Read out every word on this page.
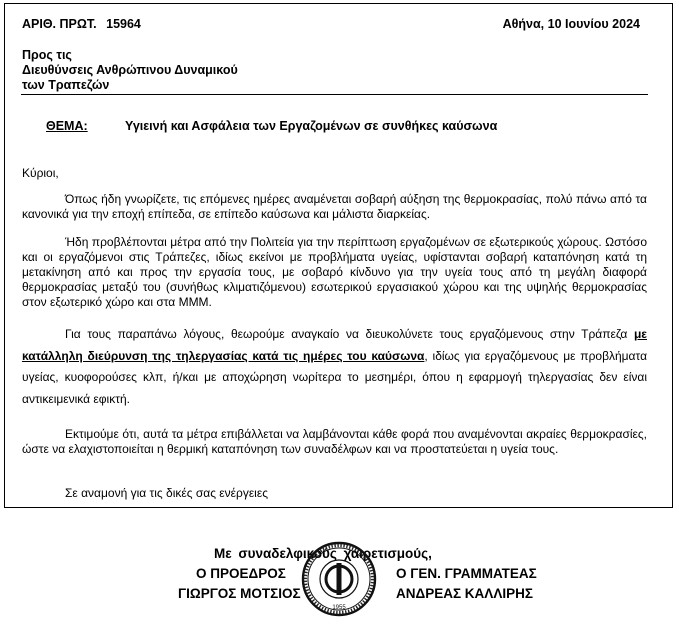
ΑΡΙΘ. ΠΡΩΤ. 15964	Αθήνα, 10 Ιουνίου 2024
Προς τις
Διευθύνσεις Ανθρώπινου Δυναμικού
των Τραπεζών
ΘΕΜΑ:	Υγιεινή και Ασφάλεια των Εργαζομένων σε συνθήκες καύσωνα
Κύριοι,

Όπως ήδη γνωρίζετε, τις επόμενες ημέρες αναμένεται σοβαρή αύξηση της θερμοκρασίας, πολύ πάνω από τα κανονικά για την εποχή επίπεδα, σε επίπεδο καύσωνα και μάλιστα διαρκείας.

Ήδη προβλέπονται μέτρα από την Πολιτεία για την περίπτωση εργαζομένων σε εξωτερικούς χώρους. Ωστόσο και οι εργαζόμενοι στις Τράπεζες, ιδίως εκείνοι με προβλήματα υγείας, υφίστανται σοβαρή καταπόνηση κατά τη μετακίνηση από και προς την εργασία τους, με σοβαρό κίνδυνο για την υγεία τους από τη μεγάλη διαφορά θερμοκρασίας μεταξύ του (συνήθως κλιματιζόμενου) εσωτερικού εργασιακού χώρου και της υψηλής θερμοκρασίας στον εξωτερικό χώρο και στα ΜΜΜ.

Για τους παραπάνω λόγους, θεωρούμε αναγκαίο να διευκολύνετε τους εργαζόμενους στην Τράπεζα με κατάλληλη διεύρυνση της τηλεργασίας κατά τις ημέρες του καύσωνα, ιδίως για εργαζόμενους με προβλήματα υγείας, κυοφορούσες κλπ, ή/και με αποχώρηση νωρίτερα το μεσημέρι, όπου η εφαρμογή τηλεργασίας δεν είναι αντικειμενικά εφικτή.

Εκτιμούμε ότι, αυτά τα μέτρα επιβάλλεται να λαμβάνονται κάθε φορά που αναμένονται ακραίες θερμοκρασίες, ώστε να ελαχιστοποιείται η θερμική καταπόνηση των συναδέλφων και να προστατεύεται η υγεία τους.

Σε αναμονή για τις δικές σας ενέργειες

Με συναδελφικούς χαιρετισμούς,
Ο ΠΡΟΕΔΡΟΣ
ΓΙΩΡΓΟΣ ΜΟΤΣΙΟΣ
Ο ΓΕΝ. ΓΡΑΜΜΑΤΕΑΣ
ΑΝΔΡΕΑΣ ΚΑΛΛΙΡΗΣ
1955
